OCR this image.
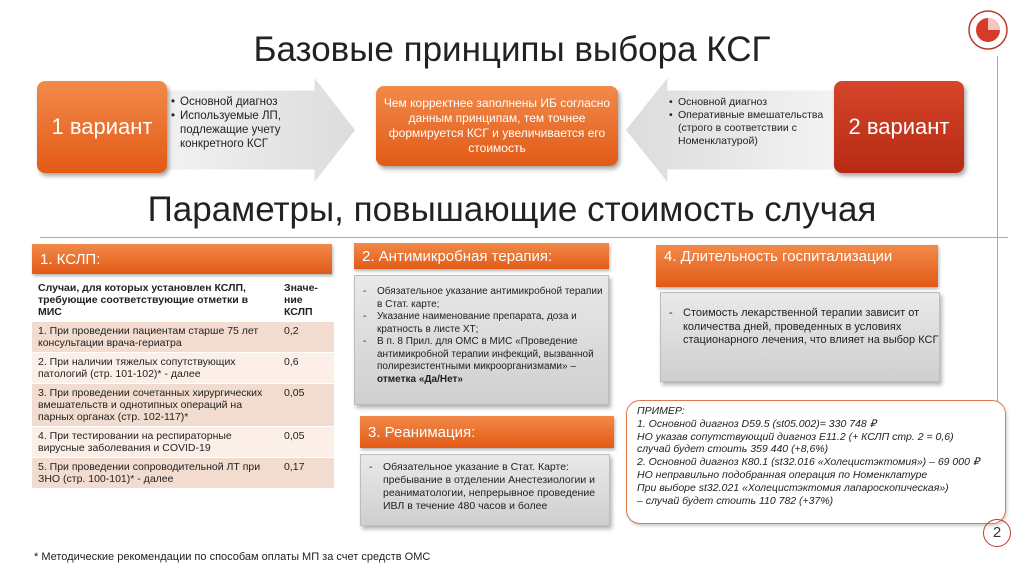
Базовые принципы выбора КСГ
Параметры, повышающие стоимость случая
• Основной диагноз
• Используемые ЛП, подлежащие учету конкретного КСГ
1 вариант
Чем корректнее заполнены ИБ согласно данным принципам, тем точнее формируется КСГ и увеличивается его стоимость
• Основной диагноз
• Оперативные вмешательства (строго в соответствии с Номенклатурой)
2 вариант
1. КСЛП:
Случаи, для которых установлен КСЛП, требующие соответствующие отметки в МИС	Значе-ние КСЛП
1. При проведении пациентам старше 75 лет консультации врача-гериатра	0,2
2. При наличии тяжелых сопутствующих патологий (стр. 101-102)* - далее	0,6
3. При проведении сочетанных хирургических вмешательств и однотипных операций на парных органах (стр. 102-117)*	0,05
4. При тестировании на респираторные вирусные заболевания и COVID-19	0,05
5. При проведении сопроводительной ЛТ при ЗНО (стр. 100-101)* - далее	0,17
2. Антимикробная терапия:
- Обязательное указание антимикробной терапии в Стат. карте;
- Указание наименование препарата, доза и кратность в листе ХТ;
- В п. 8 Прил. для ОМС в МИС «Проведение антимикробной терапии инфекций, вызванной полирезистентными микроорганизмами» – отметка «Да/Нет»
3. Реанимация:
- Обязательное указание в Стат. Карте: пребывание в отделении Анестезиологии и реаниматологии, непрерывное проведение ИВЛ в течение 480 часов и более
4. Длительность госпитализации
- Стоимость лекарственной терапии зависит от количества дней, проведенных в условиях стационарного лечения, что влияет на выбор КСГ
ПРИМЕР:
1. Основной диагноз D59.5 (st05.002)= 330 748 ₽
НО указав сопутствующий диагноз Е11.2 (+ КСЛП стр. 2 = 0,6)
случай будет стоить 359 440 (+8,6%)
2. Основной диагноз К80.1 (st32.016 «Холецистэктомия») – 69 000 ₽
НО неправильно подобранная операция по Номенклатуре
При выборе st32.021 «Холецистэктомия лапароскопическая»)
– случай будет стоить 110 782 (+37%)
2
* Методические рекомендации по способам оплаты МП за счет средств ОМС
